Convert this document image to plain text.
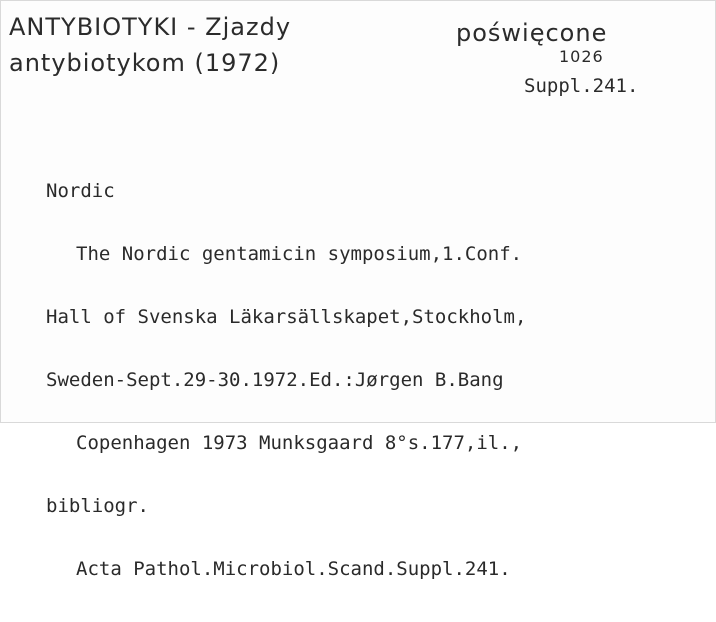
ANTYBIOTYKI - Zjazdy	poświęcone
antybiotykom (1972)	1026
Suppl.241.

Nordic

The Nordic gentamicin symposium,1.Conf.

Hall of Svenska Läkarsällskapet,Stockholm,

Sweden-Sept.29-30.1972.Ed.:Jørgen B.Bang

Copenhagen 1973 Munksgaard 8°s.177,il.,

bibliogr.

Acta Pathol.Microbiol.Scand.Suppl.241.
